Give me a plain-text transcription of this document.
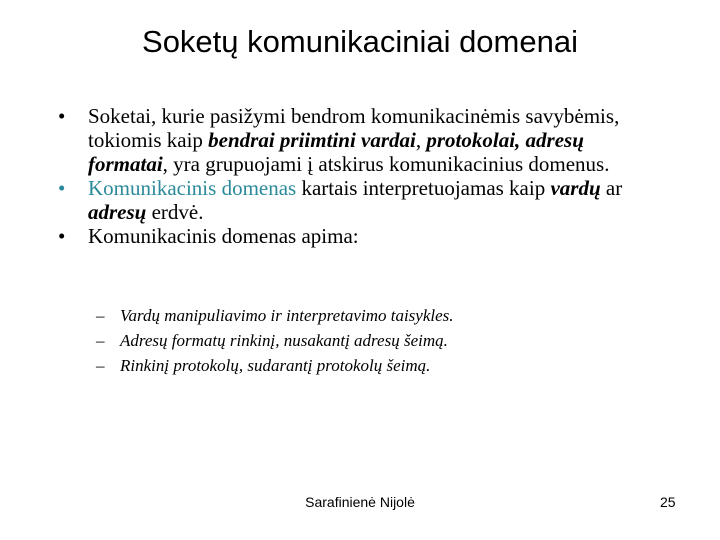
Soketų komunikaciniai domenai
• Soketai, kurie pasižymi bendrom komunikacinėmis savybėmis, tokiomis kaip bendrai priimtini vardai, protokolai, adresų formatai, yra grupuojami į atskirus komunikacinius domenus.
• Komunikacinis domenas kartais interpretuojamas kaip vardų ar adresų erdvė.
• Komunikacinis domenas apima:
– Vardų manipuliavimo ir interpretavimo taisykles.
– Adresų formatų rinkinį, nusakantį adresų šeimą.
– Rinkinį protokolų, sudarantį protokolų šeimą.
Sarafinienė Nijolė	25
